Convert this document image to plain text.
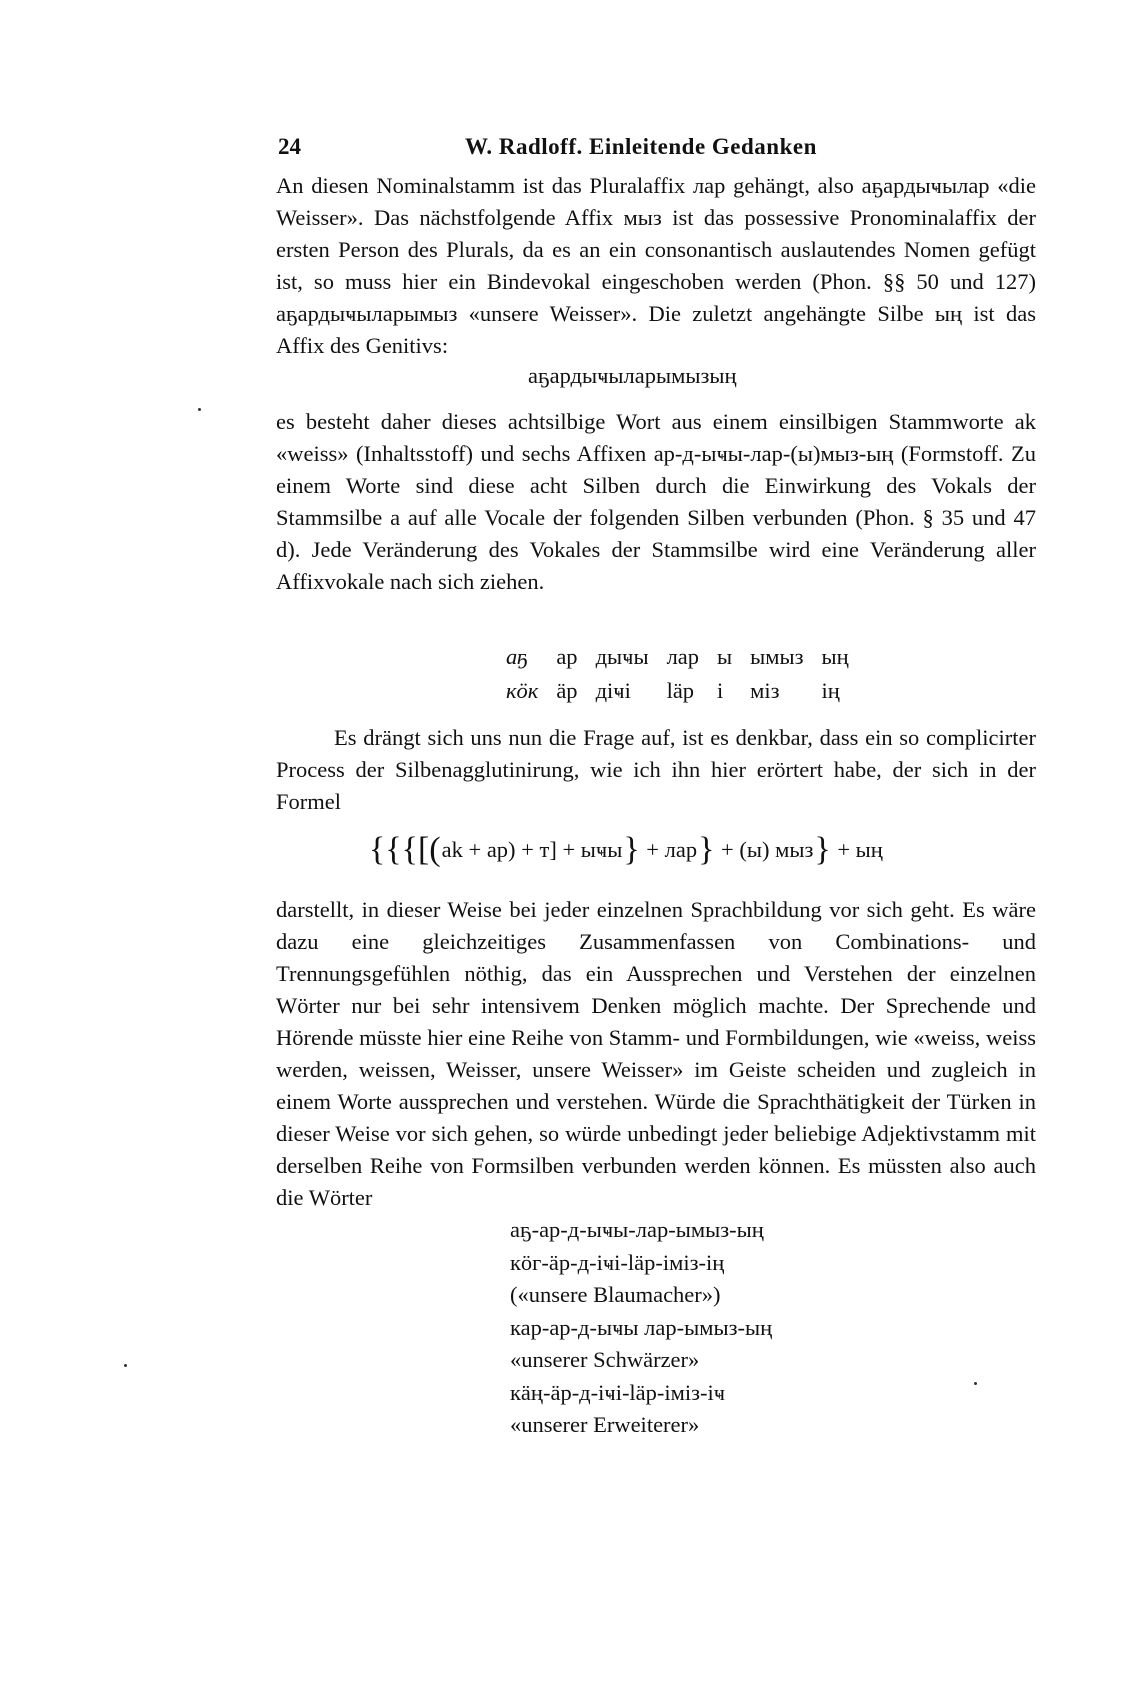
24	W. Radloff. Einleitende Gedanken

An diesen Nominalstamm ist das Pluralaffix лар gehängt, also аҕардыҹылар «die Weisser». Das nächstfolgende Affix мыз ist das possessive Pronominalaffix der ersten Person des Plurals, da es an ein consonantisch auslautendes Nomen gefügt ist, so muss hier ein Bindevokal eingeschoben werden (Phon. §§ 50 und 127) аҕардыҹыларымыз «unsere Weisser». Die zuletzt angehängte Silbe ың ist das Affix des Genitivs:

аҕардыҹыларымызың

es besteht daher dieses achtsilbige Wort aus einem einsilbigen Stammworte ak «weiss» (Inhaltsstoff) und sechs Affixen ар-д-ыҹы-лар-(ы)мыз-ың (Formstoff. Zu einem Worte sind diese acht Silben durch die Einwirkung des Vokals der Stammsilbe a auf alle Vocale der folgenden Silben verbunden (Phon. § 35 und 47 d). Jede Veränderung des Vokales der Stammsilbe wird eine Veränderung aller Affixvokale nach sich ziehen.

аҕ	ар	дыҹы	лар	ы	ымыз	ың
кӧк	äр	діҹі	läр	і	міз	ің

Es drängt sich uns nun die Frage auf, ist es denkbar, dass ein so complicirter Process der Silbenagglutinirung, wie ich ihn hier erörtert habe, der sich in der Formel

{{{[( ak
+
ар)
+
т]
+
ыҹы }
+
лар }
+
(ы) мыз }
+
ың

darstellt, in dieser Weise bei jeder einzelnen Sprachbildung vor sich geht. Es wäre dazu eine gleichzeitiges Zusammenfassen von Combinations- und Trennungsgefühlen nöthig, das ein Aussprechen und Verstehen der einzelnen Wörter nur bei sehr intensivem Denken möglich machte. Der Sprechende und Hörende müsste hier eine Reihe von Stamm- und Formbildungen, wie «weiss, weiss werden, weissen, Weisser, unsere Weisser» im Geiste scheiden und zugleich in einem Worte aussprechen und verstehen. Würde die Sprachthätigkeit der Türken in dieser Weise vor sich gehen, so würde unbedingt jeder beliebige Adjektivstamm mit derselben Reihe von Formsilben verbunden werden können. Es müssten also auch die Wörter

аҕ-ар-д-ыҹы-лар-ымыз-ың
кӧг-äр-д-іҹі-läр-іміз-ің
(«unsere Blaumacher»)
кар-ар-д-ыҹы лар-ымыз-ың
«unserer Schwärzer»
кäң-äр-д-іҹі-läр-іміз-іҹ
«unserer Erweiterer»
